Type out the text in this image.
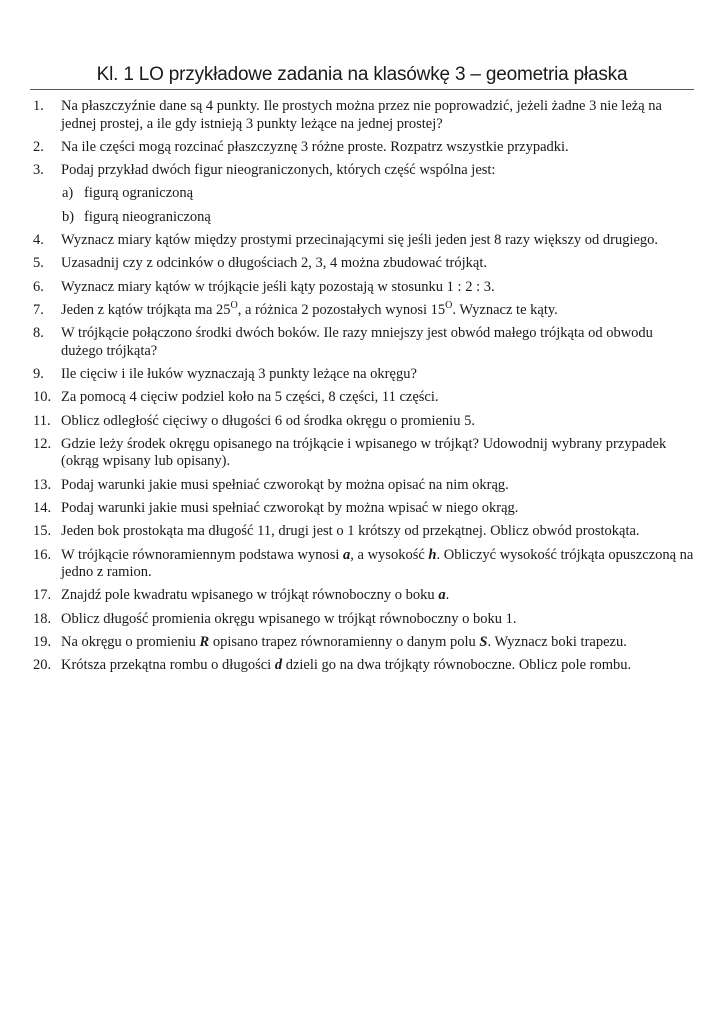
Kl. 1 LO przykładowe zadania na klasówkę 3 – geometria płaska
1. Na płaszczyźnie dane są 4 punkty. Ile prostych można przez nie poprowadzić, jeżeli żadne 3 nie leżą na jednej prostej, a ile gdy istnieją 3 punkty leżące na jednej prostej?
2. Na ile części mogą rozcinać płaszczyznę 3 różne proste. Rozpatrz wszystkie przypadki.
3. Podaj przykład dwóch figur nieograniczonych, których część wspólna jest:
a) figurą ograniczoną
b) figurą nieograniczoną
4. Wyznacz miary kątów między prostymi przecinającymi się jeśli jeden jest 8 razy większy od drugiego.
5. Uzasadnij czy z odcinków o długościach 2, 3, 4 można zbudować trójkąt.
6. Wyznacz miary kątów w trójkącie jeśli kąty pozostają w stosunku 1 : 2 : 3.
7. Jeden z kątów trójkąta ma $25^O$, a różnica 2 pozostałych wynosi $15^O$. Wyznacz te kąty.
8. W trójkącie połączono środki dwóch boków. Ile razy mniejszy jest obwód małego trójkąta od obwodu dużego trójkąta?
9. Ile cięciw i ile łuków wyznaczają 3 punkty leżące na okręgu?
10. Za pomocą 4 cięciw podziel koło na 5 części, 8 części, 11 części.
11. Oblicz odległość cięciwy o długości 6 od środka okręgu o promieniu 5.
12. Gdzie leży środek okręgu opisanego na trójkącie i wpisanego w trójkąt? Udowodnij wybrany przypadek (okrąg wpisany lub opisany).
13. Podaj warunki jakie musi spełniać czworokąt by można opisać na nim okrąg.
14. Podaj warunki jakie musi spełniać czworokąt by można wpisać w niego okrąg.
15. Jeden bok prostokąta ma długość 11, drugi jest o 1 krótszy od przekątnej. Oblicz obwód prostokąta.
16. W trójkącie równoramiennym podstawa wynosi a, a wysokość h. Obliczyć wysokość trójkąta opuszczoną na jedno z ramion.
17. Znajdź pole kwadratu wpisanego w trójkąt równoboczny o boku a.
18. Oblicz długość promienia okręgu wpisanego w trójkąt równoboczny o boku 1.
19. Na okręgu o promieniu R opisano trapez równoramienny o danym polu S. Wyznacz boki trapezu.
20. Krótsza przekątna rombu o długości d dzieli go na dwa trójkąty równoboczne. Oblicz pole rombu.
